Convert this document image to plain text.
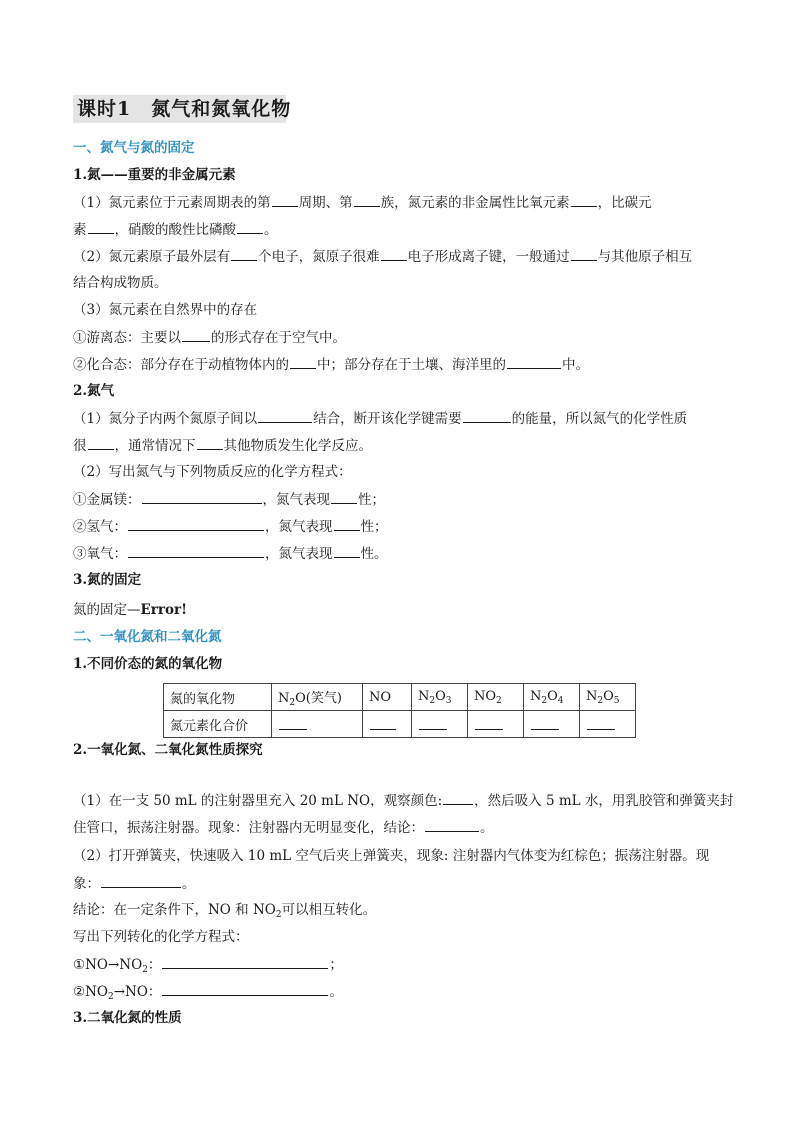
课时1　氮气和氮氧化物
一、氮气与氮的固定
1.氮——重要的非金属元素
（1）氮元素位于元素周期表的第 周期、第 族，氮元素的非金属性比氧元素 ，比碳元
素 ，硝酸的酸性比磷酸 。
（2）氮元素原子最外层有 个电子，氮原子很难 电子形成离子键，一般通过 与其他原子相互
结合构成物质。
（3）氮元素在自然界中的存在
①游离态：主要以 的形式存在于空气中。
②化合态：部分存在于动植物体内的 中；部分存在于土壤、海洋里的	中。
2.氮气
（1）氮分子内两个氮原子间以	结合，断开该化学键需要	的能量，所以氮气的化学性质
很 ，通常情况下 其他物质发生化学反应。
（2）写出氮气与下列物质反应的化学方程式：
①金属镁：	，氮气表现 性；
②氢气：	，氮气表现 性；
③氧气：	，氮气表现 性。
3.氮的固定
氮的固定—Error!
二、一氧化氮和二氧化氮
1.不同价态的氮的氧化物
氮的氧化物	$N_2O$(笑气)	NO	$N_2O_3$	$NO_2$	$N_2O_4$	$N_2O_5$
氮元素化合价						
2.一氧化氮、二氧化氮性质探究
（1）在一支 50 mL 的注射器里充入 20 mL NO，观察颜色: ，然后吸入 5 mL 水，用乳胶管和弹簧夹封
住管口，振荡注射器。现象：注射器内无明显变化，结论：	。
（2）打开弹簧夹，快速吸入 10 mL 空气后夹上弹簧夹，现象: 注射器内气体变为红棕色；振荡注射器。现
象：	。
结论：在一定条件下，NO 和 $NO_2$可以相互转化。
写出下列转化的化学方程式：
$①NO\to NO_2$：	；
$②NO_2\to NO$：	。
3.二氧化氮的性质
